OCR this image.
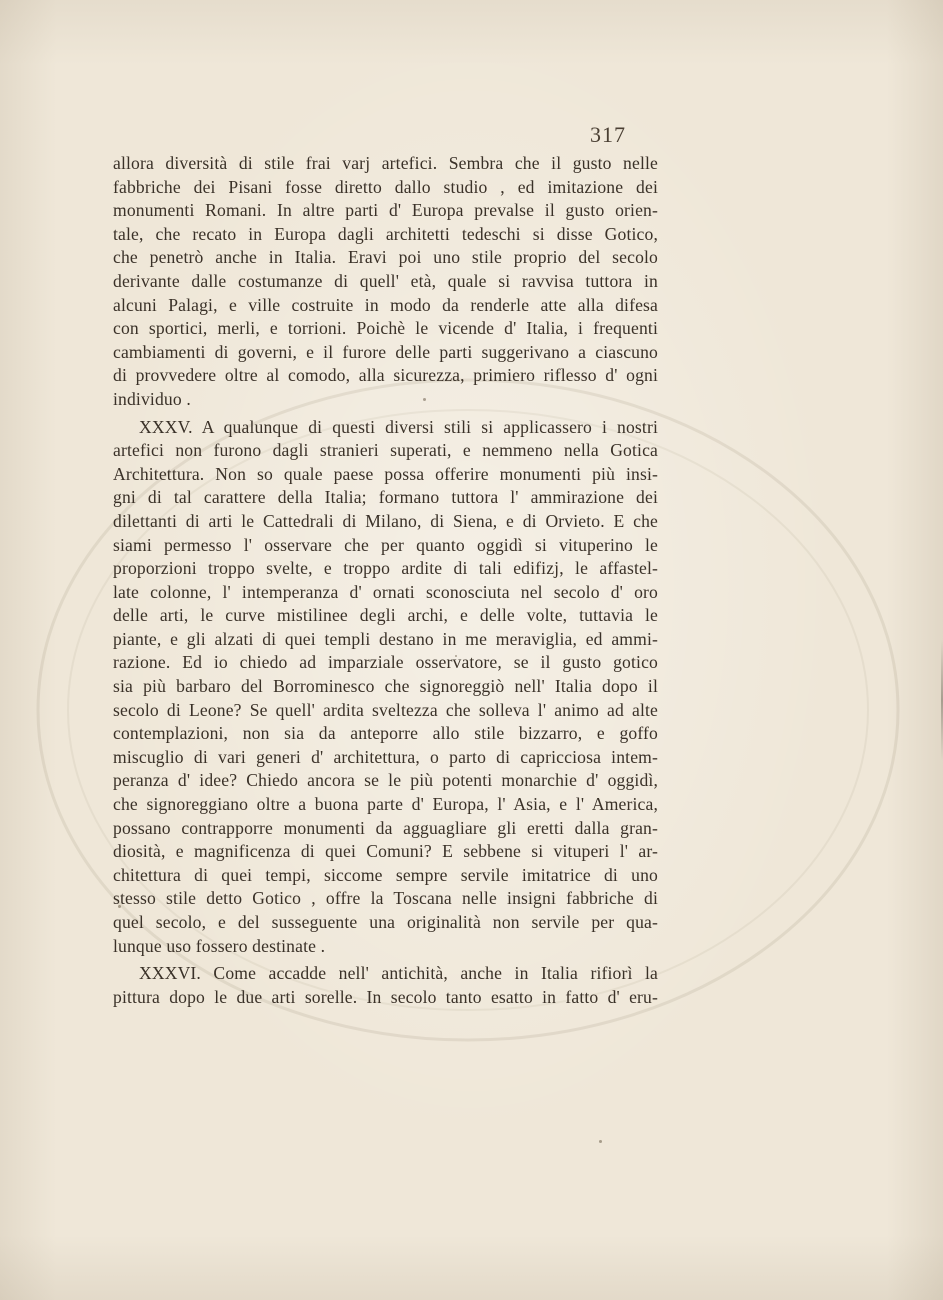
317
allora diversità di stile frai varj artefici. Sembra che il gusto nelle
fabbriche dei Pisani fosse diretto dallo studio , ed imitazione dei
monumenti Romani. In altre parti d' Europa prevalse il gusto orien-
tale, che recato in Europa dagli architetti tedeschi si disse Gotico,
che penetrò anche in Italia. Eravi poi uno stile proprio del secolo
derivante dalle costumanze di quell' età, quale si ravvisa tuttora in
alcuni Palagi, e ville costruite in modo da renderle atte alla difesa
con sportici, merli, e torrioni. Poichè le vicende d' Italia, i frequenti
cambiamenti di governi, e il furore delle parti suggerivano a ciascuno
di provvedere oltre al comodo, alla sicurezza, primiero riflesso d' ogni
individuo .
XXXV. A qualunque di questi diversi stili si applicassero i nostri
artefici non furono dagli stranieri superati, e nemmeno nella Gotica
Architettura. Non so quale paese possa offerire monumenti più insi-
gni di tal carattere della Italia; formano tuttora l' ammirazione dei
dilettanti di arti le Cattedrali di Milano, di Siena, e di Orvieto. E che
siami permesso l' osservare che per quanto oggidì si vituperino le
proporzioni troppo svelte, e troppo ardite di tali edifizj, le affastel-
late colonne, l' intemperanza d' ornati sconosciuta nel secolo d' oro
delle arti, le curve mistilinee degli archi, e delle volte, tuttavia le
piante, e gli alzati di quei templi destano in me meraviglia, ed ammi-
razione. Ed io chiedo ad imparziale osservatore, se il gusto gotico
sia più barbaro del Borrominesco che signoreggiò nell' Italia dopo il
secolo di Leone? Se quell' ardita sveltezza che solleva l' animo ad alte
contemplazioni, non sia da anteporre allo stile bizzarro, e goffo
miscuglio di vari generi d' architettura, o parto di capricciosa intem-
peranza d' idee? Chiedo ancora se le più potenti monarchie d' oggidì,
che signoreggiano oltre a buona parte d' Europa, l' Asia, e l' America,
possano contrapporre monumenti da agguagliare gli eretti dalla gran-
diosità, e magnificenza di quei Comuni? E sebbene si vituperi l' ar-
chitettura di quei tempi, siccome sempre servile imitatrice di uno
stesso stile detto Gotico , offre la Toscana nelle insigni fabbriche di
quel secolo, e del susseguente una originalità non servile per qua-
lunque uso fossero destinate .
XXXVI. Come accadde nell' antichità, anche in Italia rifiorì la
pittura dopo le due arti sorelle. In secolo tanto esatto in fatto d' eru-
